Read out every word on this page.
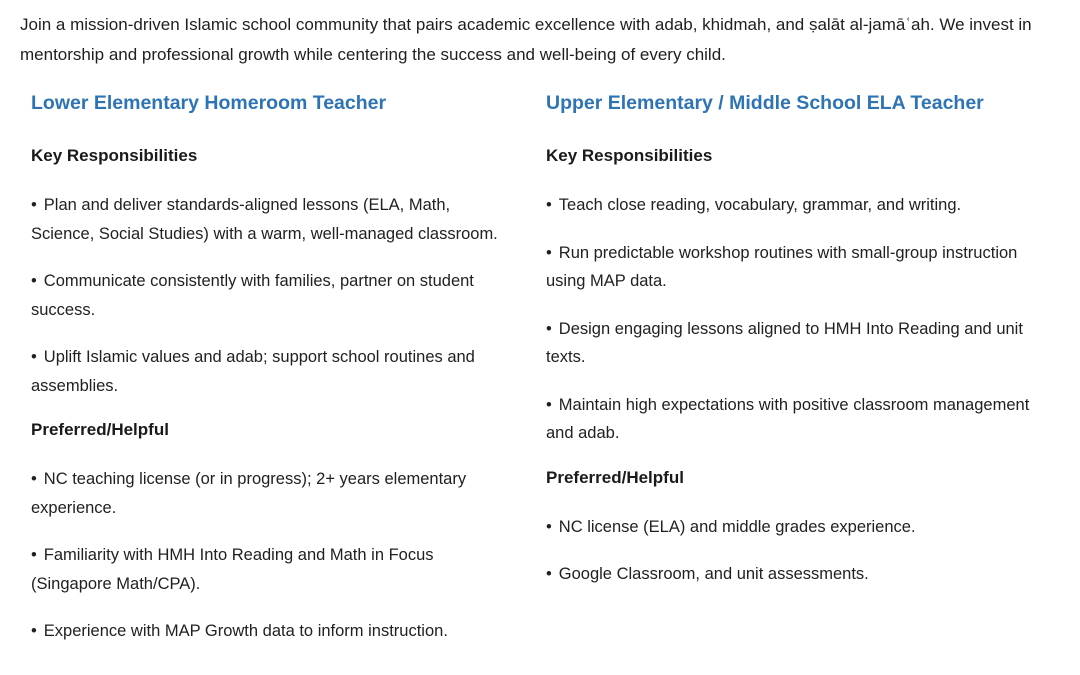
Join a mission-driven Islamic school community that pairs academic excellence with adab, khidmah, and ṣalāt al-jamāʿah. We invest in mentorship and professional growth while centering the success and well-being of every child.

Lower Elementary Homeroom Teacher
Key Responsibilities

• Plan and deliver standards-aligned lessons (ELA, Math, Science, Social Studies) with a warm, well-managed classroom.

• Communicate consistently with families, partner on student success.

• Uplift Islamic values and adab; support school routines and assemblies.

Preferred/Helpful

• NC teaching license (or in progress); 2+ years elementary experience.

• Familiarity with HMH Into Reading and Math in Focus (Singapore Math/CPA).

• Experience with MAP Growth data to inform instruction.

Upper Elementary / Middle School ELA Teacher
Key Responsibilities

• Teach close reading, vocabulary, grammar, and writing.

• Run predictable workshop routines with small-group instruction using MAP data.

• Design engaging lessons aligned to HMH Into Reading and unit texts.

• Maintain high expectations with positive classroom management and adab.

Preferred/Helpful

• NC license (ELA) and middle grades experience.

• Google Classroom, and unit assessments.
